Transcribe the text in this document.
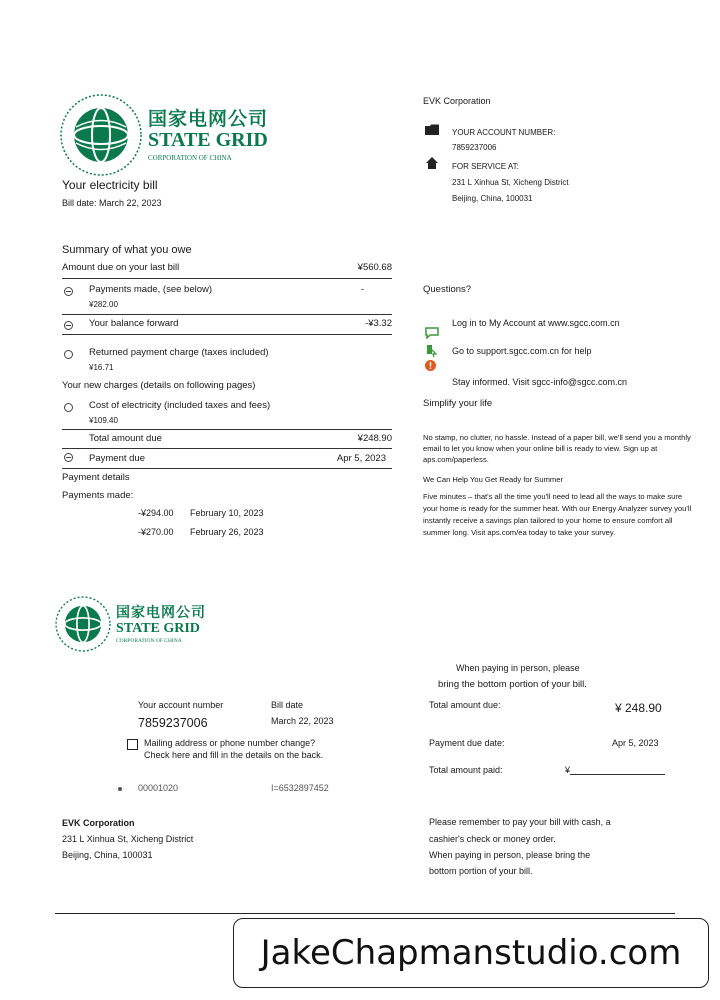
国家电网公司
STATE GRID
CORPORATION OF CHINA
Your electricity bill
Bill date: March 22, 2023
EVK Corporation
YOUR ACCOUNT NUMBER:
7859237006
FOR SERVICE AT:
231 L Xinhua St, Xicheng District
Beijing, China, 100031
Summary of what you owe
Amount due on your last bill	¥560.68
Payments made, (see below)	-
¥282.00
Your balance forward	-¥3.32
Returned payment charge (taxes included)
¥16.71
Your new charges (details on following pages)
Cost of electricity (included taxes and fees)
¥109.40
Total amount due	¥248.90
Payment due	Apr 5, 2023
Payment details
Payments made:
-¥294.00 February 10, 2023
-¥270.00 February 26, 2023
Questions?
Log in to My Account at www.sgcc.com.cn
Go to support.sgcc.com.cn for help
Stay informed. Visit sgcc-info@sgcc.com.cn
Simplify your life
No stamp, no clutter, no hassle. Instead of a paper bill, we'll send you a monthly email to let you know when your online bill is ready to view. Sign up at aps.com/paperless.
We Can Help You Get Ready for Summer
Five minutes – that's all the time you'll need to lead all the ways to make sure your home is ready for the summer heat. With our Energy Analyzer survey you'll instantly receive a savings plan tailored to your home to ensure comfort all summer long. Visit aps.com/ea today to take your survey.
国家电网公司
STATE GRID
CORPORATION OF CHINA
Your account number
7859237006
Bill date
March 22, 2023
Mailing address or phone number change?
Check here and fill in the details on the back.
00001020	I=6532897452
EVK Corporation
231 L Xinhua St, Xicheng District
Beijing, China, 100031
When paying in person, please
bring the bottom portion of your bill.
Total amount due:	¥ 248.90
Payment due date:	Apr 5, 2023
Total amount paid:	¥
Please remember to pay your bill with cash, a
cashier's check or money order.
When paying in person, please bring the
bottom portion of your bill.
JakeChapmanstudio.com
